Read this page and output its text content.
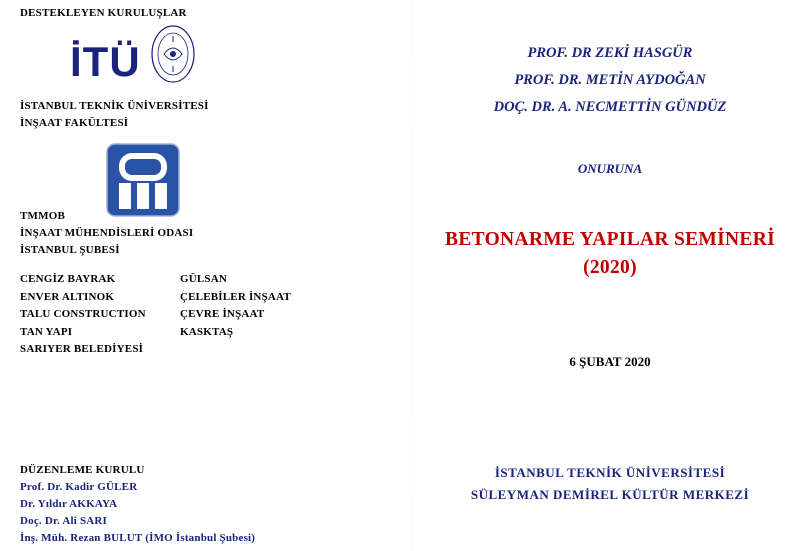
DESTEKLEYEN KURULUŞLAR
İTÜ
İSTANBUL TEKNİK ÜNİVERSİTESİ
İNŞAAT FAKÜLTESİ
TMMOB
İNŞAAT MÜHENDİSLERİ ODASI
İSTANBUL ŞUBESİ
CENGİZ BAYRAK
ENVER ALTINOK
TALU CONSTRUCTION
TAN YAPI
SARIYER BELEDİYESİ
GÜLSAN
ÇELEBİLER İNŞAAT
ÇEVRE İNŞAAT
KASKTAŞ
DÜZENLEME KURULU
Prof. Dr. Kadir GÜLER
Dr. Yıldır AKKAYA
Doç. Dr. Ali SARI
İnş. Müh. Rezan BULUT (İMO İstanbul Şubesi)
PROF. DR ZEKİ HASGÜR
PROF. DR. METİN AYDOĞAN
DOÇ. DR. A. NECMETTİN GÜNDÜZ
ONURUNA
BETONARME YAPILAR SEMİNERİ
(2020)
6 ŞUBAT 2020
İSTANBUL TEKNİK ÜNİVERSİTESİ
SÜLEYMAN DEMİREL KÜLTÜR MERKEZİ
